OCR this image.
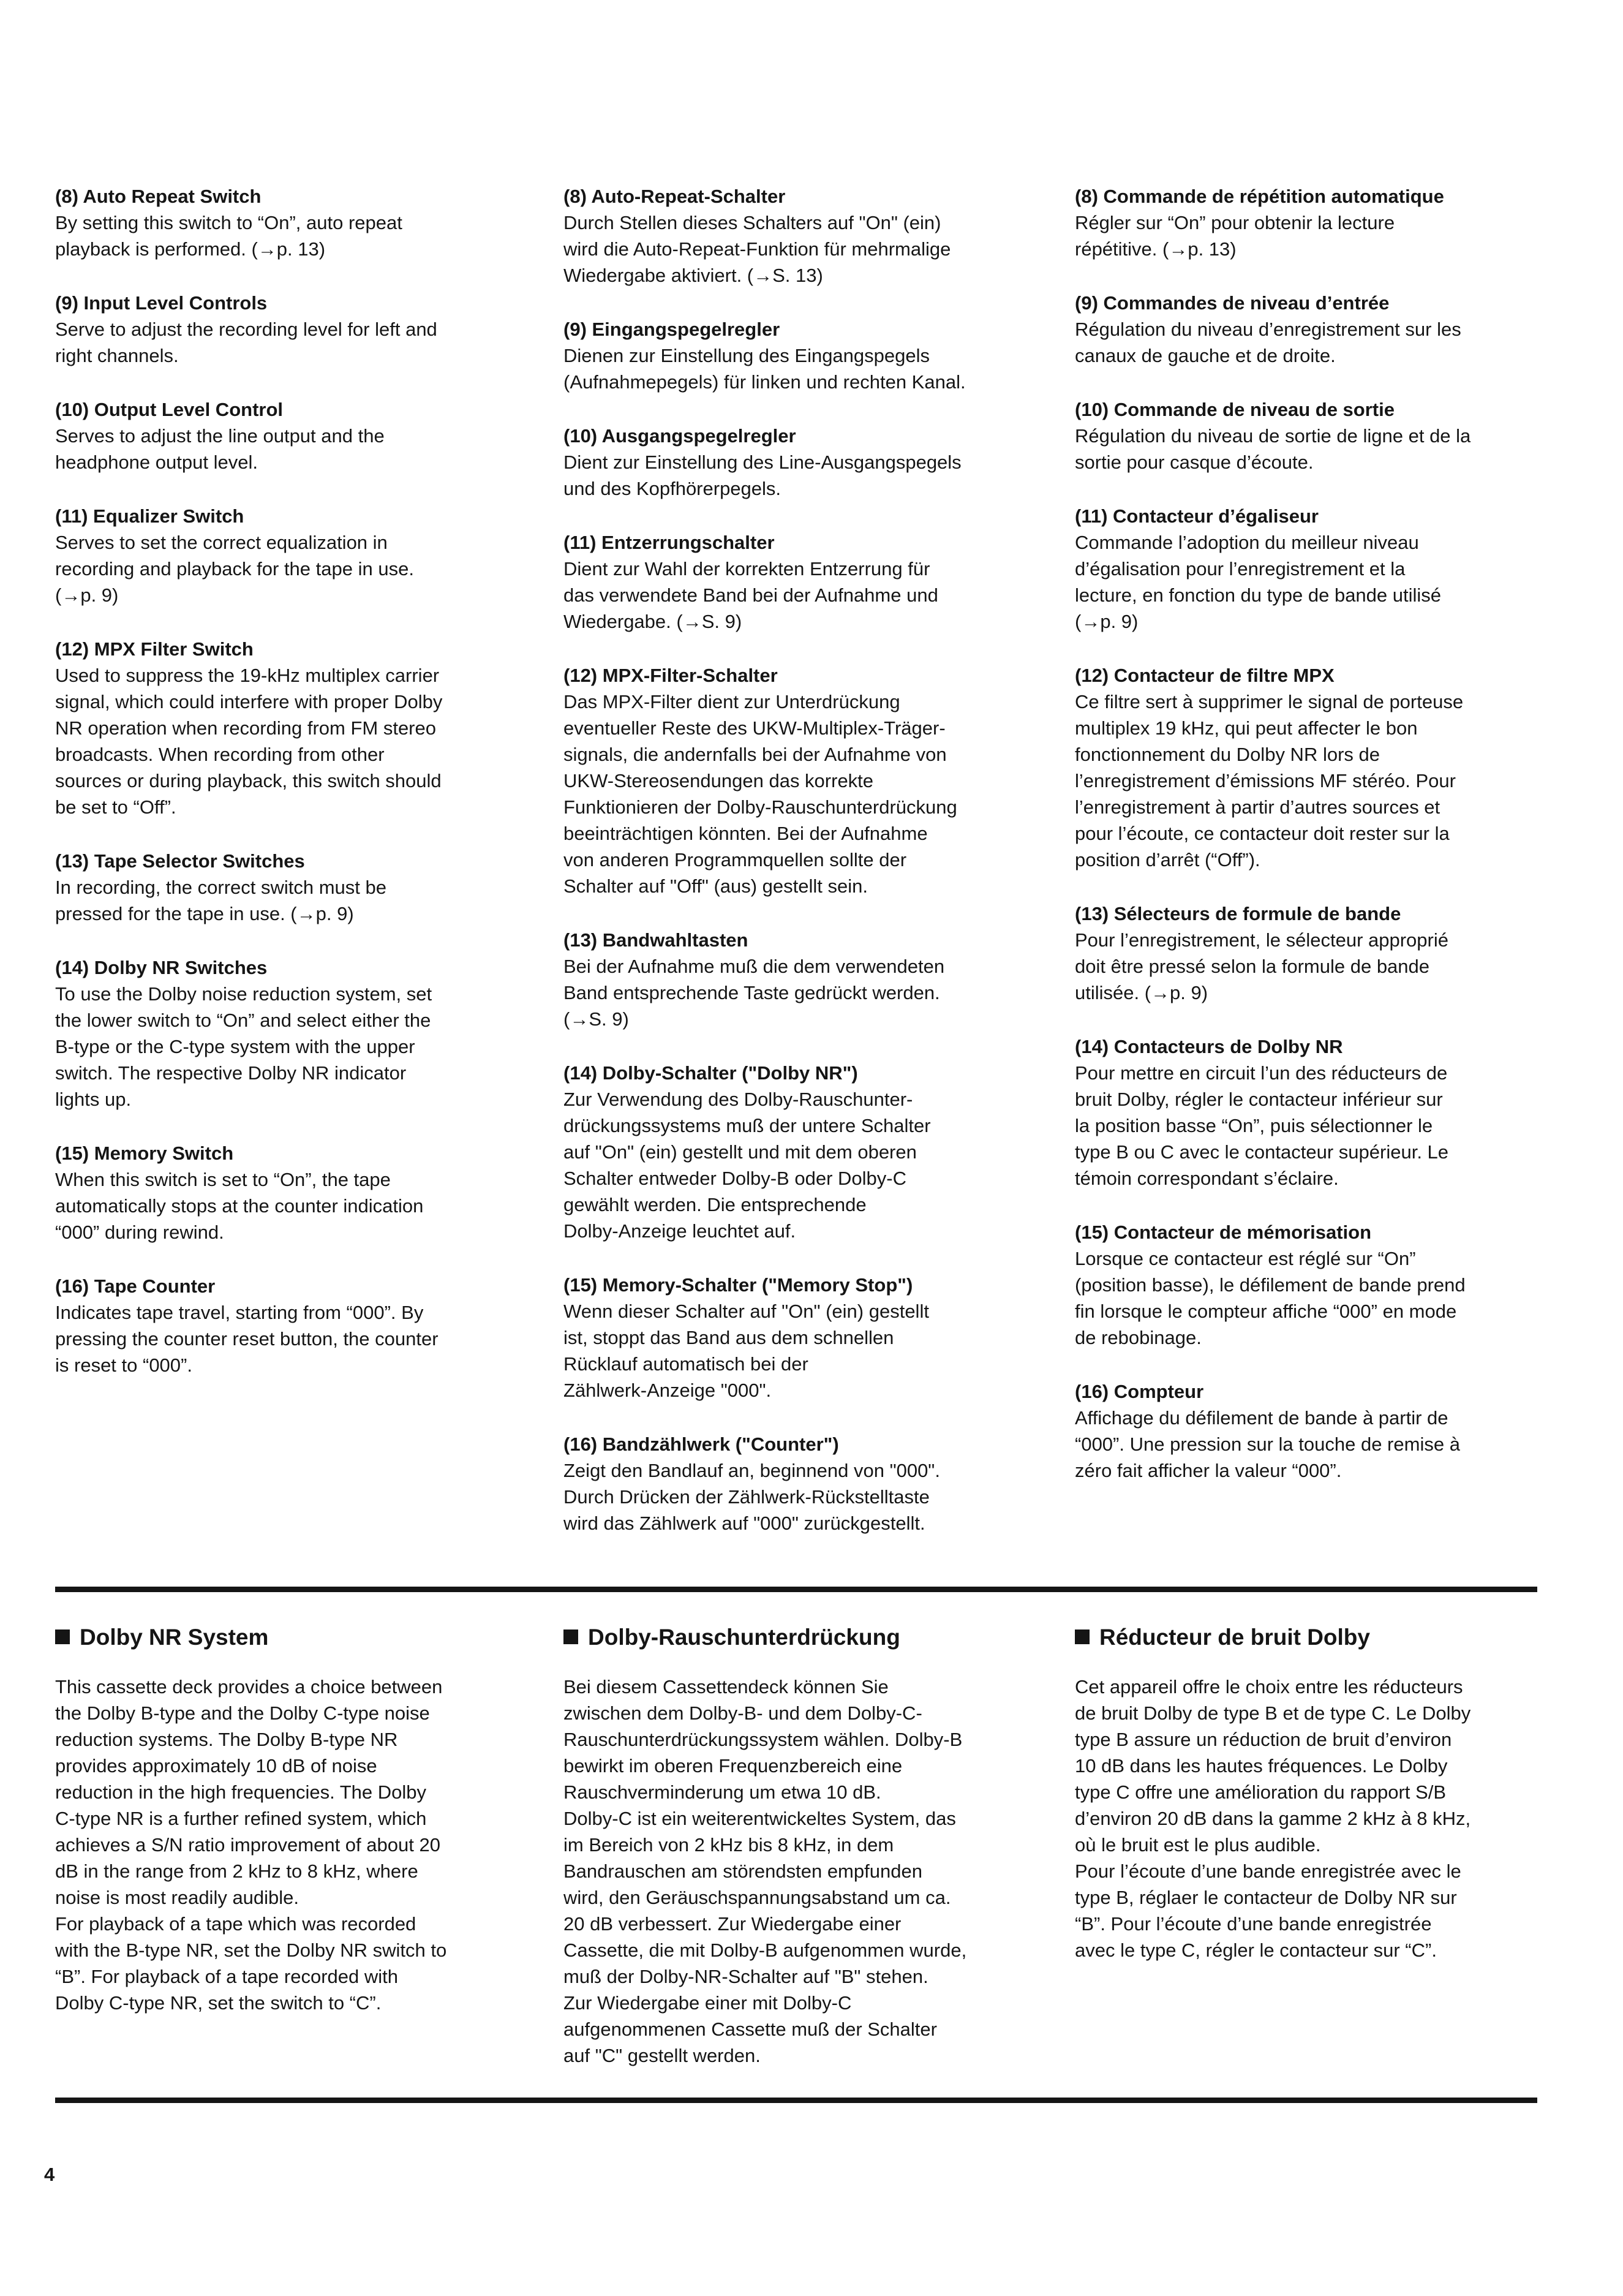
(8) Auto Repeat Switch

By setting this switch to “On”, auto repeat
playback is performed. (→p. 13)

(9) Input Level Controls

Serve to adjust the recording level for left and
right channels.

(10) Output Level Control

Serves to adjust the line output and the
headphone output level.

(11) Equalizer Switch

Serves to set the correct equalization in
recording and playback for the tape in use.
(→p. 9)

(12) MPX Filter Switch

Used to suppress the 19-kHz multiplex carrier
signal, which could interfere with proper Dolby
NR operation when recording from FM stereo
broadcasts. When recording from other
sources or during playback, this switch should
be set to “Off”.

(13) Tape Selector Switches

In recording, the correct switch must be
pressed for the tape in use. (→p. 9)

(14) Dolby NR Switches

To use the Dolby noise reduction system, set
the lower switch to “On” and select either the
B-type or the C-type system with the upper
switch. The respective Dolby NR indicator
lights up.

(15) Memory Switch

When this switch is set to “On”, the tape
automatically stops at the counter indication
“000” during rewind.

(16) Tape Counter

Indicates tape travel, starting from “000”. By
pressing the counter reset button, the counter
is reset to “000”.

(8) Auto-Repeat-Schalter

Durch Stellen dieses Schalters auf "On" (ein)
wird die Auto-Repeat-Funktion für mehrmalige
Wiedergabe aktiviert. (→S. 13)

(9) Eingangspegelregler

Dienen zur Einstellung des Eingangspegels
(Aufnahmepegels) für linken und rechten Kanal.

(10) Ausgangspegelregler

Dient zur Einstellung des Line-Ausgangspegels
und des Kopfhörerpegels.

(11) Entzerrungschalter

Dient zur Wahl der korrekten Entzerrung für
das verwendete Band bei der Aufnahme und
Wiedergabe. (→S. 9)

(12) MPX-Filter-Schalter

Das MPX-Filter dient zur Unterdrückung
eventueller Reste des UKW-Multiplex-Träger-
signals, die andernfalls bei der Aufnahme von
UKW-Stereosendungen das korrekte
Funktionieren der Dolby-Rauschunterdrückung
beeinträchtigen könnten. Bei der Aufnahme
von anderen Programmquellen sollte der
Schalter auf "Off" (aus) gestellt sein.

(13) Bandwahltasten

Bei der Aufnahme muß die dem verwendeten
Band entsprechende Taste gedrückt werden.
(→S. 9)

(14) Dolby-Schalter ("Dolby NR")

Zur Verwendung des Dolby-Rauschunter-
drückungssystems muß der untere Schalter
auf "On" (ein) gestellt und mit dem oberen
Schalter entweder Dolby-B oder Dolby-C
gewählt werden. Die entsprechende
Dolby-Anzeige leuchtet auf.

(15) Memory-Schalter ("Memory Stop")

Wenn dieser Schalter auf "On" (ein) gestellt
ist, stoppt das Band aus dem schnellen
Rücklauf automatisch bei der
Zählwerk-Anzeige "000".

(16) Bandzählwerk ("Counter")

Zeigt den Bandlauf an, beginnend von "000".
Durch Drücken der Zählwerk-Rückstelltaste
wird das Zählwerk auf "000" zurückgestellt.

(8) Commande de répétition automatique

Régler sur “On” pour obtenir la lecture
répétitive. (→p. 13)

(9) Commandes de niveau d’entrée

Régulation du niveau d’enregistrement sur les
canaux de gauche et de droite.

(10) Commande de niveau de sortie

Régulation du niveau de sortie de ligne et de la
sortie pour casque d’écoute.

(11) Contacteur d’égaliseur

Commande l’adoption du meilleur niveau
d’égalisation pour l’enregistrement et la
lecture, en fonction du type de bande utilisé
(→p. 9)

(12) Contacteur de filtre MPX

Ce filtre sert à supprimer le signal de porteuse
multiplex 19 kHz, qui peut affecter le bon
fonctionnement du Dolby NR lors de
l’enregistrement d’émissions MF stéréo. Pour
l’enregistrement à partir d’autres sources et
pour l’écoute, ce contacteur doit rester sur la
position d’arrêt (“Off”).

(13) Sélecteurs de formule de bande

Pour l’enregistrement, le sélecteur approprié
doit être pressé selon la formule de bande
utilisée. (→p. 9)

(14) Contacteurs de Dolby NR

Pour mettre en circuit l’un des réducteurs de
bruit Dolby, régler le contacteur inférieur sur
la position basse “On”, puis sélectionner le
type B ou C avec le contacteur supérieur. Le
témoin correspondant s’éclaire.

(15) Contacteur de mémorisation

Lorsque ce contacteur est réglé sur “On”
(position basse), le défilement de bande prend
fin lorsque le compteur affiche “000” en mode
de rebobinage.

(16) Compteur

Affichage du défilement de bande à partir de
“000”. Une pression sur la touche de remise à
zéro fait afficher la valeur “000”.

Dolby NR System

This cassette deck provides a choice between
the Dolby B-type and the Dolby C-type noise
reduction systems. The Dolby B-type NR
provides approximately 10 dB of noise
reduction in the high frequencies. The Dolby
C-type NR is a further refined system, which
achieves a S/N ratio improvement of about 20
dB in the range from 2 kHz to 8 kHz, where
noise is most readily audible.
For playback of a tape which was recorded
with the B-type NR, set the Dolby NR switch to
“B”. For playback of a tape recorded with
Dolby C-type NR, set the switch to “C”.

Dolby-Rauschunterdrückung

Bei diesem Cassettendeck können Sie
zwischen dem Dolby-B- und dem Dolby-C-
Rauschunterdrückungssystem wählen. Dolby-B
bewirkt im oberen Frequenzbereich eine
Rauschverminderung um etwa 10 dB.
Dolby-C ist ein weiterentwickeltes System, das
im Bereich von 2 kHz bis 8 kHz, in dem
Bandrauschen am störendsten empfunden
wird, den Geräuschspannungsabstand um ca.
20 dB verbessert. Zur Wiedergabe einer
Cassette, die mit Dolby-B aufgenommen wurde,
muß der Dolby-NR-Schalter auf "B" stehen.
Zur Wiedergabe einer mit Dolby-C
aufgenommenen Cassette muß der Schalter
auf "C" gestellt werden.

Réducteur de bruit Dolby

Cet appareil offre le choix entre les réducteurs
de bruit Dolby de type B et de type C. Le Dolby
type B assure un réduction de bruit d’environ
10 dB dans les hautes fréquences. Le Dolby
type C offre une amélioration du rapport S/B
d’environ 20 dB dans la gamme 2 kHz à 8 kHz,
où le bruit est le plus audible.
Pour l’écoute d’une bande enregistrée avec le
type B, réglaer le contacteur de Dolby NR sur
“B”. Pour l’écoute d’une bande enregistrée
avec le type C, régler le contacteur sur “C”.

4
